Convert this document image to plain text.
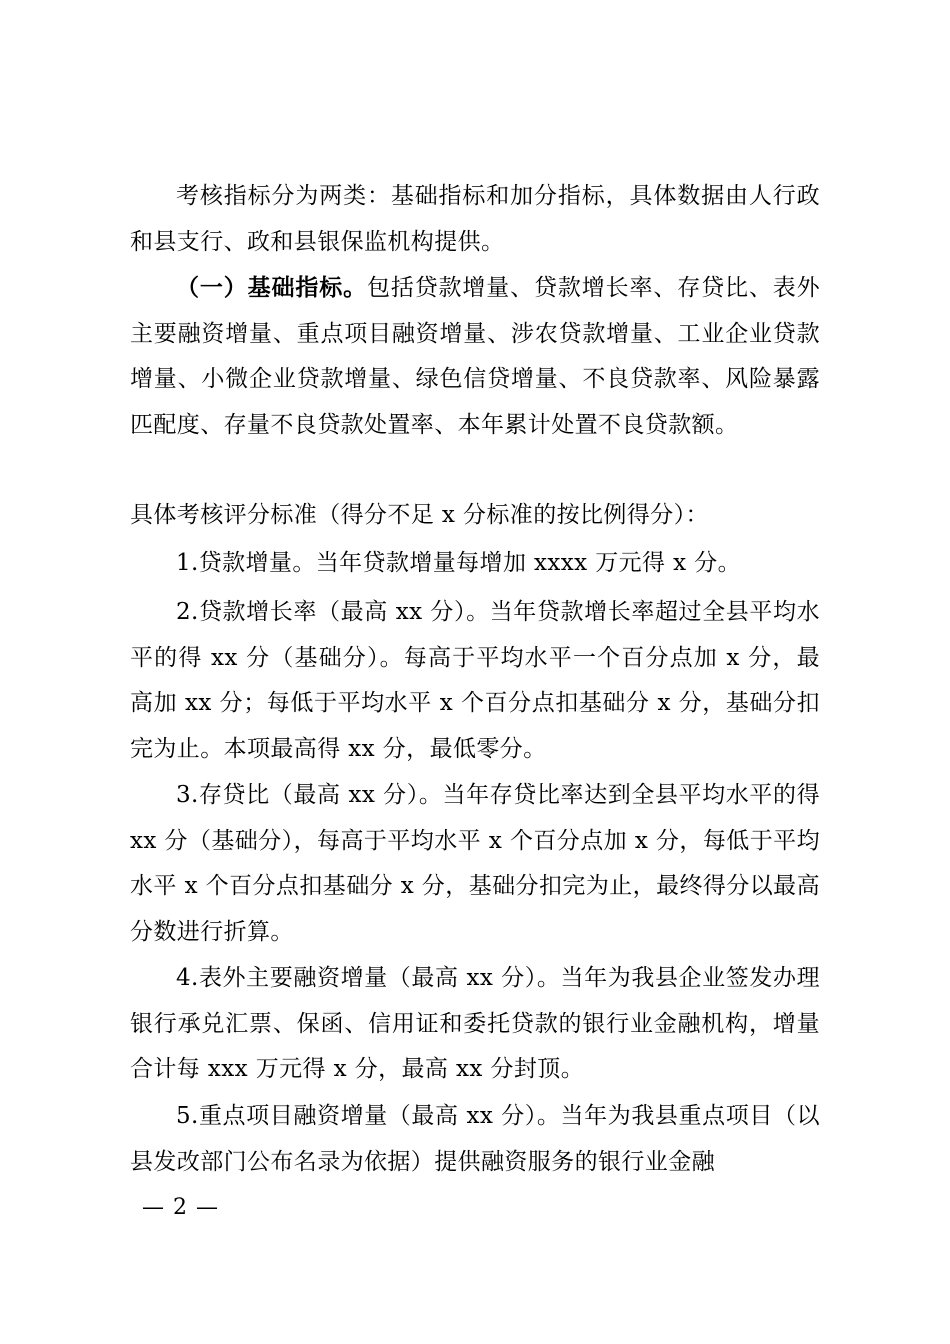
考核指标分为两类：基础指标和加分指标，具体数据由人行政和县支行、政和县银保监机构提供。

（一）基础指标。包括贷款增量、贷款增长率、存贷比、表外主要融资增量、重点项目融资增量、涉农贷款增量、工业企业贷款增量、小微企业贷款增量、绿色信贷增量、不良贷款率、风险暴露匹配度、存量不良贷款处置率、本年累计处置不良贷款额。

具体考核评分标准（得分不足 x 分标准的按比例得分）：

1.贷款增量。当年贷款增量每增加 xxxx 万元得 x 分。

2.贷款增长率（最高 xx 分）。当年贷款增长率超过全县平均水平的得 xx 分（基础分）。每高于平均水平一个百分点加 x 分，最高加 xx 分；每低于平均水平 x 个百分点扣基础分 x 分，基础分扣完为止。本项最高得 xx 分，最低零分。

3.存贷比（最高 xx 分）。当年存贷比率达到全县平均水平的得 xx 分（基础分），每高于平均水平 x 个百分点加 x 分，每低于平均水平 x 个百分点扣基础分 x 分，基础分扣完为止，最终得分以最高分数进行折算。

4.表外主要融资增量（最高 xx 分）。当年为我县企业签发办理银行承兑汇票、保函、信用证和委托贷款的银行业金融机构，增量合计每 xxx 万元得 x 分，最高 xx 分封顶。

5.重点项目融资增量（最高 xx 分）。当年为我县重点项目（以县发改部门公布名录为依据）提供融资服务的银行业金融

— 2 —
